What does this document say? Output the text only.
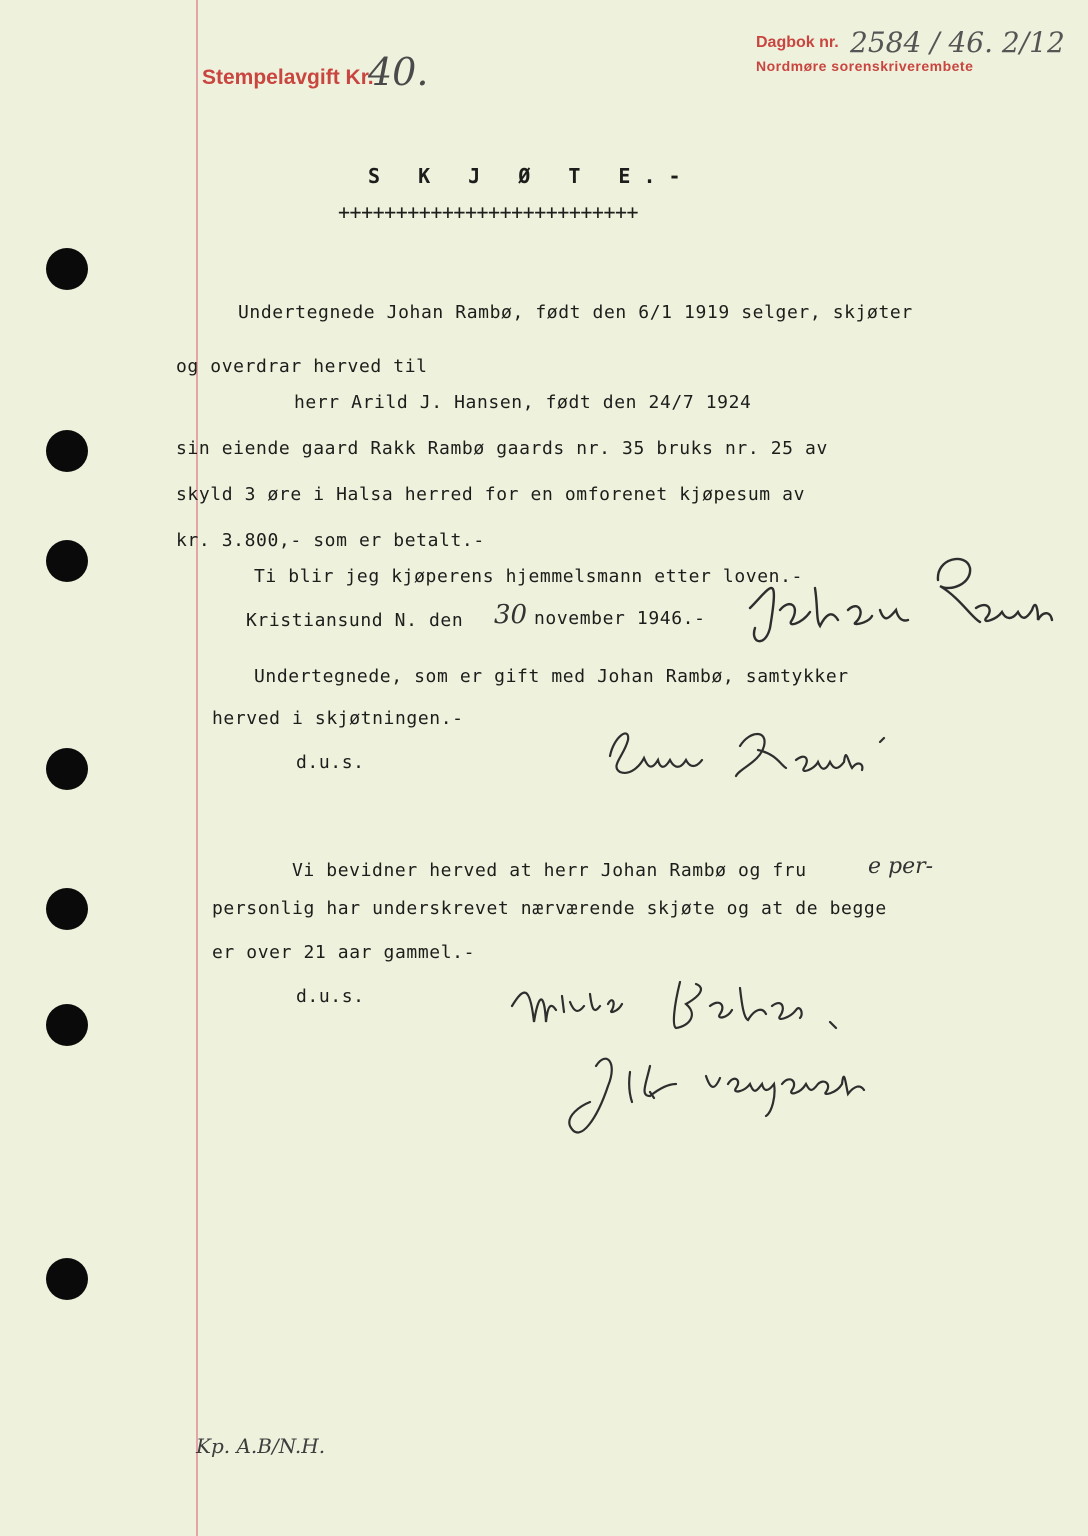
Stempelavgift Kr.
40.
Dagbok nr. 2584 / 46. 2/12
Nordmøre sorenskriverembete
S K J Ø T E.-
++++++++++++++++++++++++++
Undertegnede Johan Rambø, født den 6/1 1919 selger, skjøter
og overdrar herved til
herr Arild J. Hansen, født den 24/7 1924
sin eiende gaard Rakk Rambø gaards nr. 35 bruks nr. 25 av
skyld 3 øre i Halsa herred for en omforenet kjøpesum av
kr. 3.800,- som er betalt.-
Ti blir jeg kjøperens hjemmelsmann etter loven.-
Kristiansund N. den 30 november 1946.-
Undertegnede, som er gift med Johan Rambø, samtykker
herved i skjøtningen.-
d.u.s.
Vi bevidner herved at herr Johan Rambø og fru	e per-
personlig har underskrevet nærværende skjøte og at de begge
er over 21 aar gammel.-
d.u.s.
Kp. A.B/N.H.
